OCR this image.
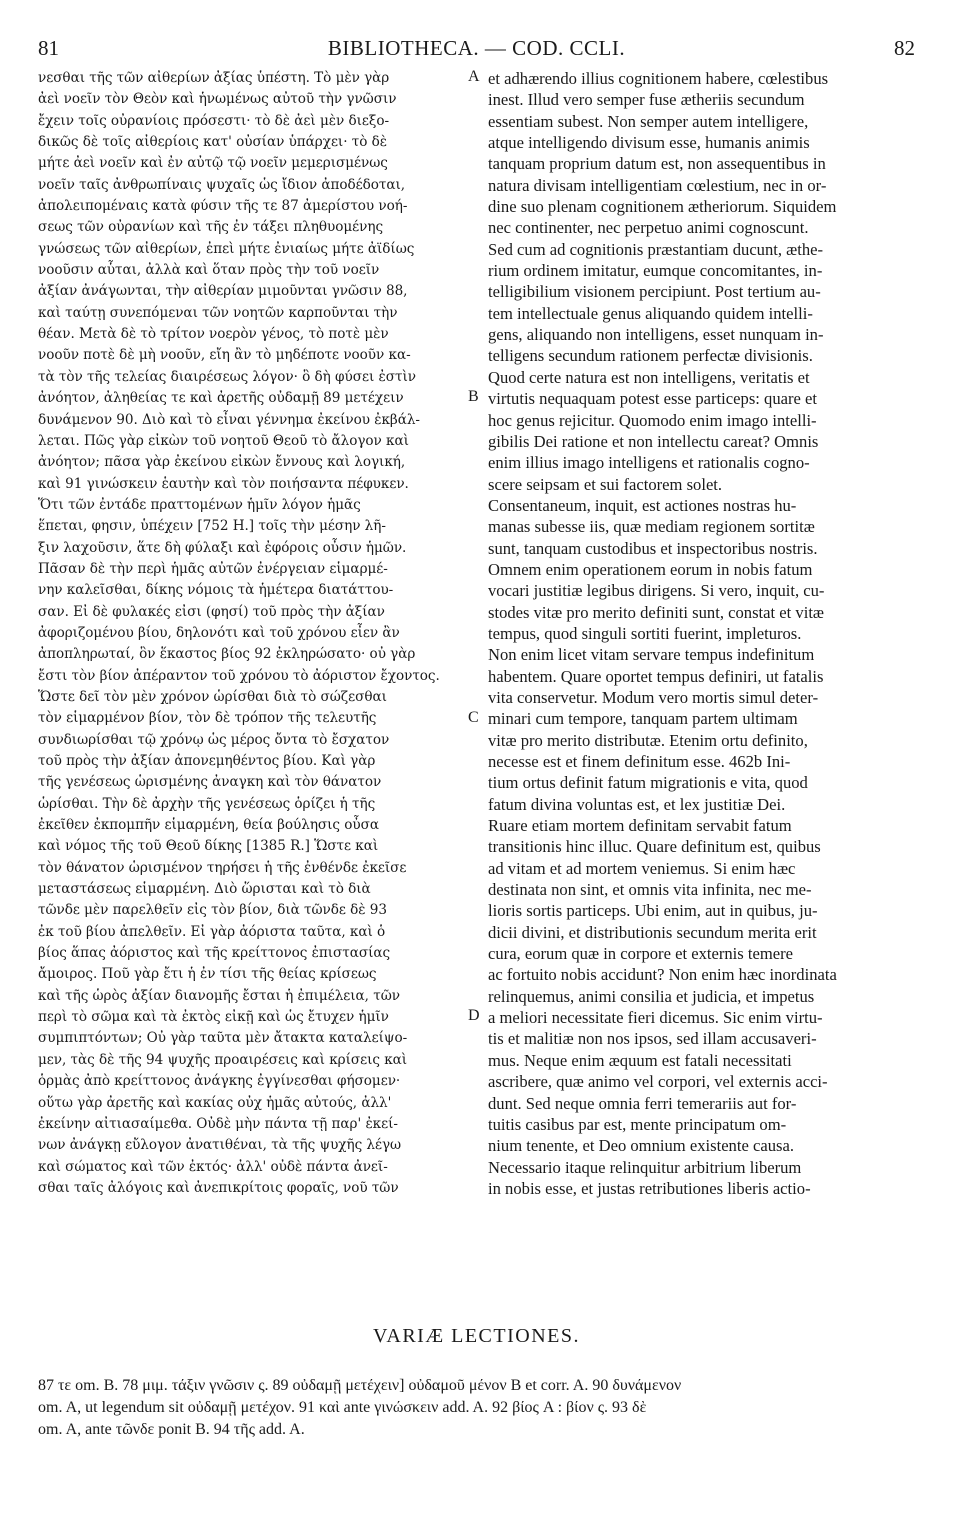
81	BIBLIOTHECA. — COD. CCLI.	82
νεσθαι τῆς τῶν αἰθερίων ἀξίας ὑπέστη. Τὸ μὲν γὰρ
ἀεὶ νοεῖν τὸν Θεὸν καὶ ἡνωμένως αὐτοῦ τὴν γνῶσιν
ἔχειν τοῖς οὐρανίοις πρόσεστι· τὸ δὲ ἀεὶ μὲν διεξο-
δικῶς δὲ τοῖς αἰθερίοις κατ' οὐσίαν ὑπάρχει· τὸ δὲ
μήτε ἀεὶ νοεῖν καὶ ἐν αὐτῷ τῷ νοεῖν μεμερισμένως
νοεῖν ταῖς ἀνθρωπίναις ψυχαῖς ὡς ἴδιον ἀποδέδοται,
ἀπολειπομέναις κατὰ φύσιν τῆς τε 87 ἀμερίστου νοή-
σεως τῶν οὐρανίων καὶ τῆς ἐν τάξει πληθυομένης
γνώσεως τῶν αἰθερίων, ἐπεὶ μήτε ἐνιαίως μήτε ἀϊδίως
νοοῦσιν αὗται, ἀλλὰ καὶ ὅταν πρὸς τὴν τοῦ νοεῖν
ἀξίαν ἀνάγωνται, τὴν αἰθερίαν μιμοῦνται γνῶσιν 88,
καὶ ταύτῃ συνεπόμεναι τῶν νοητῶν καρποῦνται τὴν
θέαν. Μετὰ δὲ τὸ τρίτον νοερὸν γένος, τὸ ποτὲ μὲν
νοοῦν ποτὲ δὲ μὴ νοοῦν, εἴη ἂν τὸ μηδέποτε νοοῦν κα-
τὰ τὸν τῆς τελείας διαιρέσεως λόγον· ὃ δὴ φύσει ἐστὶν
ἀνόητον, ἀληθείας τε καὶ ἀρετῆς οὐδαμῇ 89 μετέχειν
δυνάμενον 90. Διὸ καὶ τὸ εἶναι γέννημα ἐκείνου ἐκβάλ-
λεται. Πῶς γὰρ εἰκὼν τοῦ νοητοῦ Θεοῦ τὸ ἄλογον καὶ
ἀνόητον; πᾶσα γὰρ ἐκείνου εἰκὼν ἔννους καὶ λογική,
καὶ 91 γινώσκειν ἑαυτὴν καὶ τὸν ποιήσαντα πέφυκεν.
Ὅτι τῶν ἐντάδε πραττομένων ἡμῖν λόγον ἡμᾶς
ἕπεται, φησιν, ὑπέχειν [752 H.] τοῖς τὴν μέσην λῆ-
ξιν λαχοῦσιν, ἅτε δὴ φύλαξι καὶ ἐφόροις οὖσιν ἡμῶν.
Πᾶσαν δὲ τὴν περὶ ἡμᾶς αὐτῶν ἐνέργειαν εἱμαρμέ-
νην καλεῖσθαι, δίκης νόμοις τὰ ἡμέτερα διατάττου-
σαν. Εἰ δὲ φυλακές εἰσι (φησί) τοῦ πρὸς τὴν ἀξίαν
ἀφοριζομένου βίου, δηλονότι καὶ τοῦ χρόνου εἶεν ἂν
ἀποπληρωταί, ὃν ἕκαστος βίος 92 ἐκληρώσατο· οὐ γὰρ
ἔστι τὸν βίον ἀπέραντον τοῦ χρόνου τὸ ἀόριστον ἔχοντος.
Ὥστε δεῖ τὸν μὲν χρόνον ὡρίσθαι διὰ τὸ σώζεσθαι
τὸν εἱμαρμένον βίον, τὸν δὲ τρόπον τῆς τελευτῆς
συνδιωρίσθαι τῷ χρόνῳ ὡς μέρος ὄντα τὸ ἔσχατον
τοῦ πρὸς τὴν ἀξίαν ἀπονεμηθέντος βίου. Καὶ γὰρ
τῆς γενέσεως ὡρισμένης ἀναγκη καὶ τὸν θάνατον
ὡρίσθαι. Τὴν δὲ ἀρχὴν τῆς γενέσεως ὁρίζει ἡ τῆς
ἐκεῖθεν ἐκπομπῆν εἱμαρμένη, θεία βούλησις οὖσα
καὶ νόμος τῆς τοῦ Θεοῦ δίκης [1385 R.] Ὥστε καὶ
τὸν θάνατον ὡρισμένον τηρήσει ἡ τῆς ἐνθένδε ἐκεῖσε
μεταστάσεως εἱμαρμένη. Διὸ ὥρισται καὶ τὸ διὰ
τῶνδε μὲν παρελθεῖν εἰς τὸν βίον, διὰ τῶνδε δὲ 93
ἐκ τοῦ βίου ἀπελθεῖν. Εἰ γὰρ ἀόριστα ταῦτα, καὶ ὁ
βίος ἅπας ἀόριστος καὶ τῆς κρείττονος ἐπιστασίας
ἄμοιρος. Ποῦ γὰρ ἔτι ἡ ἐν τίσι τῆς θείας κρίσεως
καὶ τῆς ὡρὸς ἀξίαν διανομῆς ἔσται ἡ ἐπιμέλεια, τῶν
περὶ τὸ σῶμα καὶ τὰ ἐκτὸς εἰκῇ καὶ ὡς ἔτυχεν ἡμῖν
συμπιπτόντων; Οὐ γὰρ ταῦτα μὲν ἄτακτα καταλείψο-
μεν, τὰς δὲ τῆς 94 ψυχῆς προαιρέσεις καὶ κρίσεις καὶ
ὁρμὰς ἀπὸ κρείττονος ἀνάγκης ἐγγίνεσθαι φήσομεν·
οὕτω γὰρ ἀρετῆς καὶ κακίας οὐχ ἡμᾶς αὐτούς, ἀλλ'
ἐκείνην αἰτιασαίμεθα. Οὐδὲ μὴν πάντα τῇ παρ' ἐκεί-
νων ἀνάγκῃ εὔλογον ἀνατιθέναι, τὰ τῆς ψυχῆς λέγω
καὶ σώματος καὶ τῶν ἐκτός· ἀλλ' οὐδὲ πάντα ἀνεῖ-
σθαι ταῖς ἀλόγοις καὶ ἀνεπικρίτοις φοραῖς, νοῦ τῶν
A
B
C
D
et adhærendo illius cognitionem habere, cœlestibus
inest. Illud vero semper fuse ætheriis secundum
essentiam subest. Non semper autem intelligere,
atque intelligendo divisum esse, humanis animis
tanquam proprium datum est, non assequentibus in
natura divisam intelligentiam cœlestium, nec in or-
dine suo plenam cognitionem ætheriorum. Siquidem
nec continenter, nec perpetuo animi cognoscunt.
Sed cum ad cognitionis præstantiam ducunt, æthe-
rium ordinem imitatur, eumque concomitantes, in-
telligibilium visionem percipiunt. Post tertium au-
tem intellectuale genus aliquando quidem intelli-
gens, aliquando non intelligens, esset nunquam in-
telligens secundum rationem perfectæ divisionis.
Quod certe natura est non intelligens, veritatis et
virtutis nequaquam potest esse particeps: quare et
hoc genus rejicitur. Quomodo enim imago intelli-
gibilis Dei ratione et non intellectu careat? Omnis
enim illius imago intelligens et rationalis cogno-
scere seipsam et sui factorem solet.
Consentaneum, inquit, est actiones nostras hu-
manas subesse iis, quæ mediam regionem sortitæ
sunt, tanquam custodibus et inspectoribus nostris.
Omnem enim operationem eorum in nobis fatum
vocari justitiæ legibus dirigens. Si vero, inquit, cu-
stodes vitæ pro merito definiti sunt, constat et vitæ
tempus, quod singuli sortiti fuerint, impleturos.
Non enim licet vitam servare tempus indefinitum
habentem. Quare oportet tempus definiri, ut fatalis
vita conservetur. Modum vero mortis simul deter-
minari cum tempore, tanquam partem ultimam
vitæ pro merito distributæ. Etenim ortu definito,
necesse est et finem definitum esse. 462b Ini-
tium ortus definit fatum migrationis e vita, quod
fatum divina voluntas est, et lex justitiæ Dei.
Ruare etiam mortem definitam servabit fatum
transitionis hinc illuc. Quare definitum est, quibus
ad vitam et ad mortem veniemus. Si enim hæc
destinata non sint, et omnis vita infinita, nec me-
lioris sortis particeps. Ubi enim, aut in quibus, ju-
dicii divini, et distributionis secundum merita erit
cura, eorum quæ in corpore et externis temere
ac fortuito nobis accidunt? Non enim hæc inordinata
relinquemus, animi consilia et judicia, et impetus
a meliori necessitate fieri dicemus. Sic enim virtu-
tis et malitiæ non nos ipsos, sed illam accusaveri-
mus. Neque enim æquum est fatali necessitati
ascribere, quæ animo vel corpori, vel externis acci-
dunt. Sed neque omnia ferri temerariis aut for-
tuitis casibus par est, mente principatum om-
nium tenente, et Deo omnium existente causa.
Necessario itaque relinquitur arbitrium liberum
in nobis esse, et justas retributiones liberis actio-
VARIÆ LECTIONES.
87 τε om. B. 78 μιμ. τάξιν γνῶσιν ς. 89 οὐδαμῇ μετέχειν] οὐδαμοῦ μένον B et corr. A. 90 δυνάμενον
om. A, ut legendum sit οὐδαμῇ μετέχον. 91 καὶ ante γινώσκειν add. A. 92 βίος A : βίον ς. 93 δὲ
om. A, ante τῶνδε ponit B. 94 τῆς add. A.
